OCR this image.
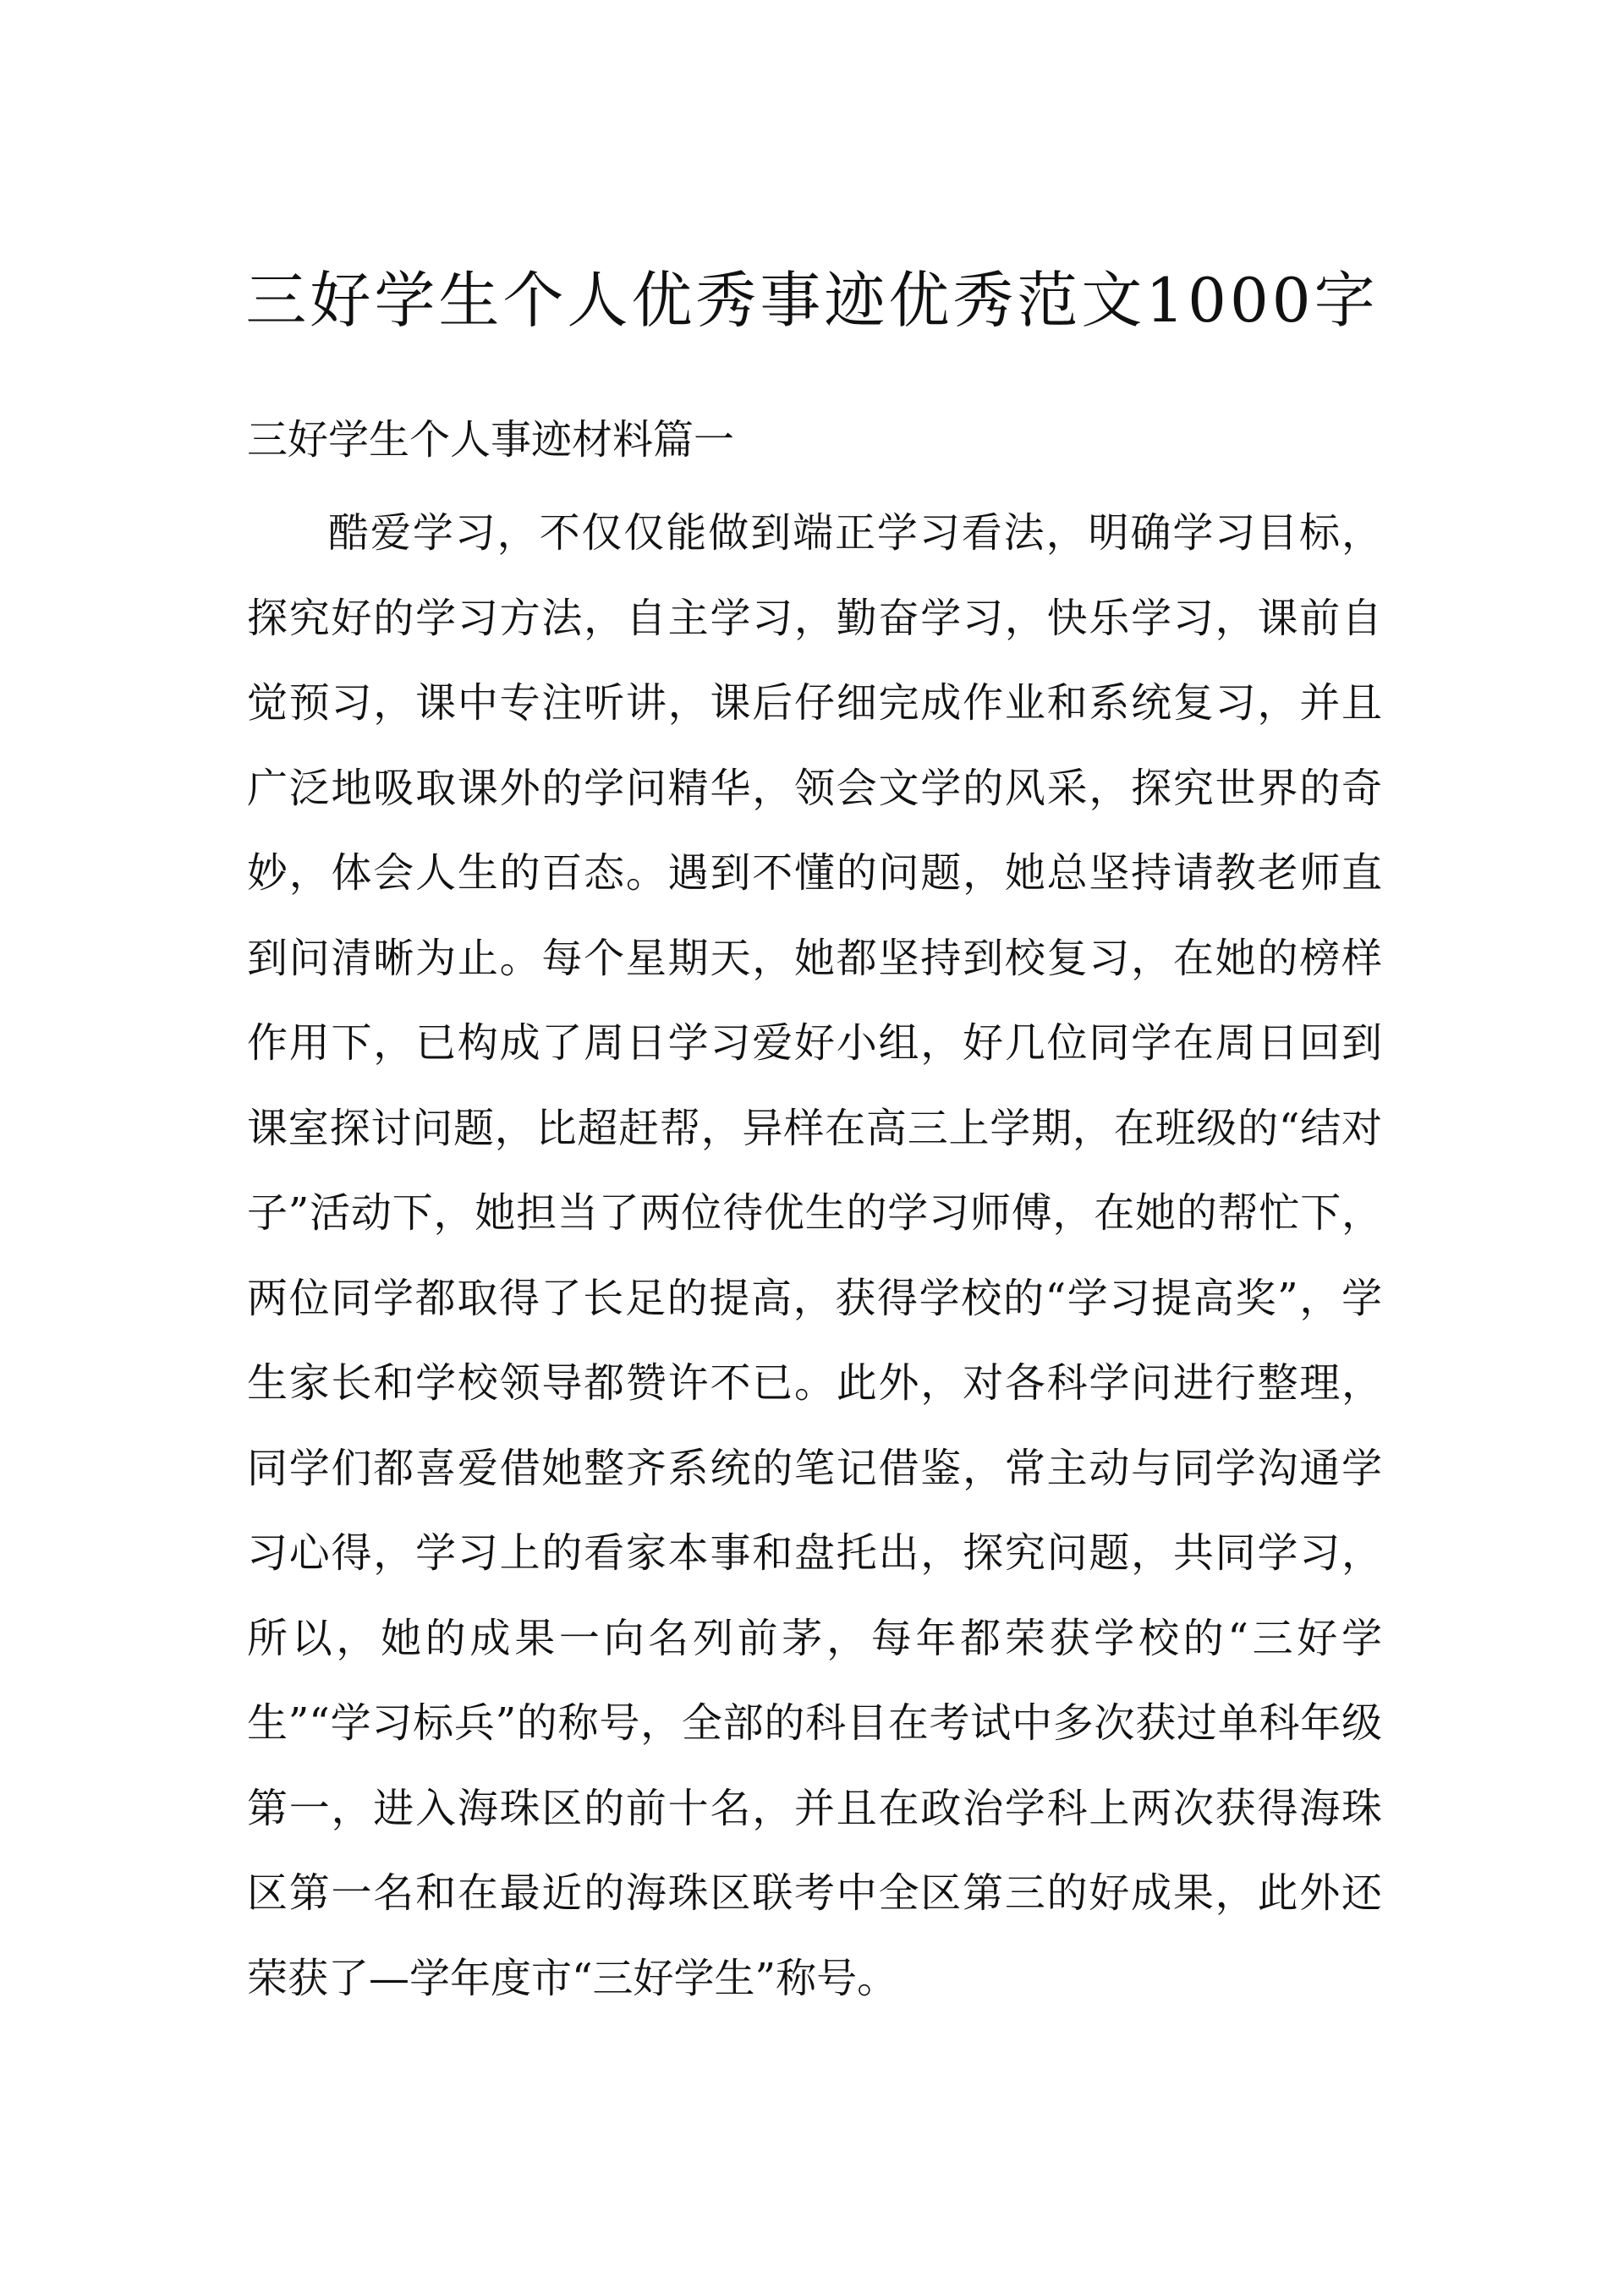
三好学生个人优秀事迹优秀范文1000字
三好学生个人事迹材料篇一

酷爱学习，不仅仅能做到端正学习看法，明确学习目标，探究好的学习方法，自主学习，勤奋学习，快乐学习，课前自觉预习，课中专注听讲，课后仔细完成作业和系统复习，并且广泛地吸取课外的学问精华，领会文学的风采，探究世界的奇妙，体会人生的百态。遇到不懂的问题，她总坚持请教老师直到问清晰为止。每个星期天，她都坚持到校复习，在她的榜样作用下，已构成了周日学习爱好小组，好几位同学在周日回到课室探讨问题，比超赶帮，异样在高三上学期，在班级的“结对子”活动下，她担当了两位待优生的学习师傅，在她的帮忙下，两位同学都取得了长足的提高，获得学校的“学习提高奖”，学生家长和学校领导都赞许不已。此外，对各科学问进行整理，同学们都喜爱借她整齐系统的笔记借鉴，常主动与同学沟通学习心得，学习上的看家本事和盘托出，探究问题，共同学习，所以，她的成果一向名列前茅，每年都荣获学校的“三好学生”“学习标兵”的称号，全部的科目在考试中多次获过单科年级第一，进入海珠区的前十名，并且在政治学科上两次获得海珠区第一名和在最近的海珠区联考中全区第三的好成果，此外还荣获了—学年度市“三好学生”称号。
